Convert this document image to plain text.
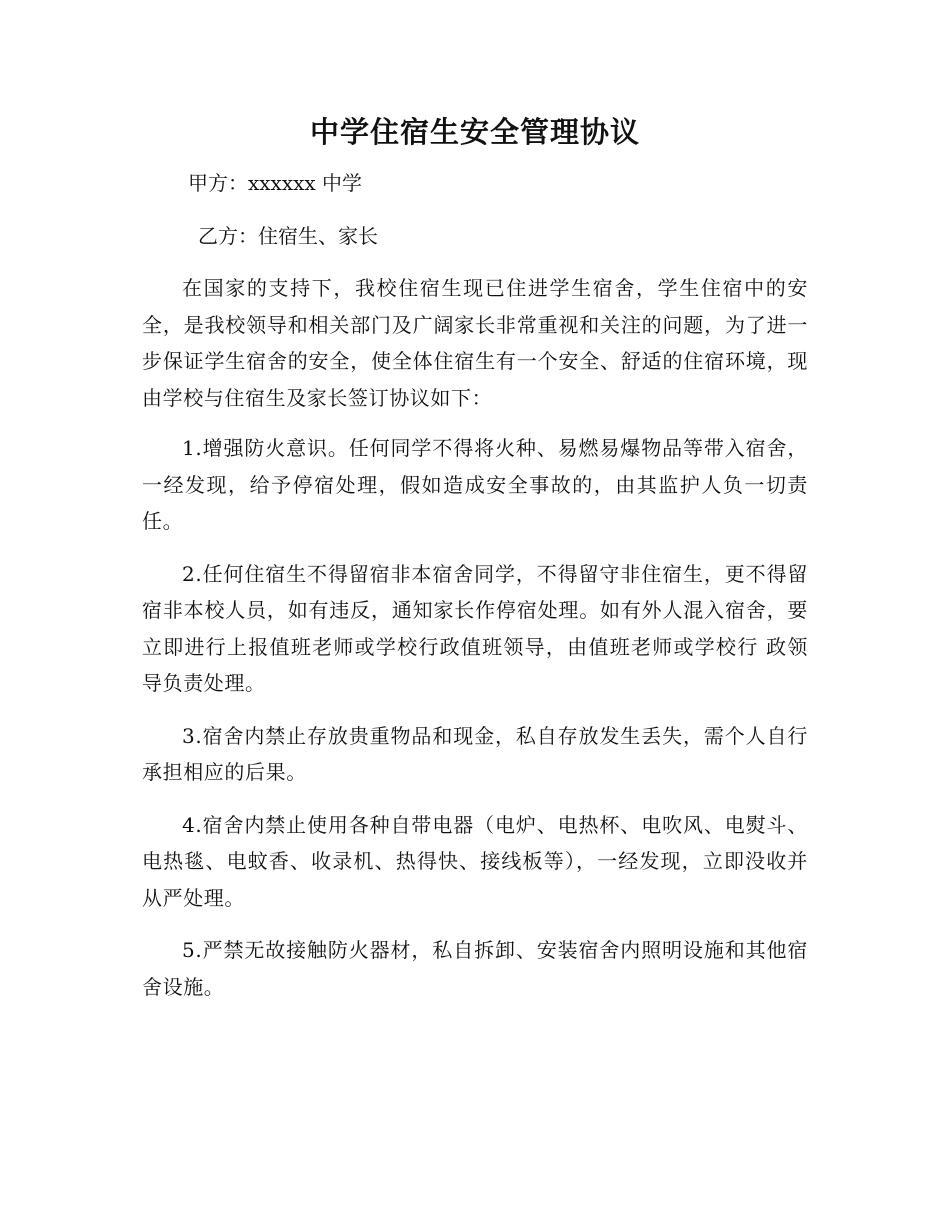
中学住宿生安全管理协议

甲方：xxxxxx 中学

乙方：住宿生、家长

在国家的支持下，我校住宿生现已住进学生宿舍，学生住宿中的安全，是我校领导和相关部门及广阔家长非常重视和关注的问题，为了进一步保证学生宿舍的安全，使全体住宿生有一个安全、舒适的住宿环境，现由学校与住宿生及家长签订协议如下：

1.增强防火意识。任何同学不得将火种、易燃易爆物品等带入宿舍，一经发现，给予停宿处理，假如造成安全事故的，由其监护人负一切责任。

2.任何住宿生不得留宿非本宿舍同学，不得留守非住宿生，更不得留宿非本校人员，如有违反，通知家长作停宿处理。如有外人混入宿舍，要立即进行上报值班老师或学校行政值班领导，由值班老师或学校行 政领导负责处理。

3.宿舍内禁止存放贵重物品和现金，私自存放发生丢失，需个人自行承担相应的后果。

4.宿舍内禁止使用各种自带电器（电炉、电热杯、电吹风、电熨斗、电热毯、电蚊香、收录机、热得快、接线板等），一经发现，立即没收并从严处理。

5.严禁无故接触防火器材，私自拆卸、安装宿舍内照明设施和其他宿舍设施。
